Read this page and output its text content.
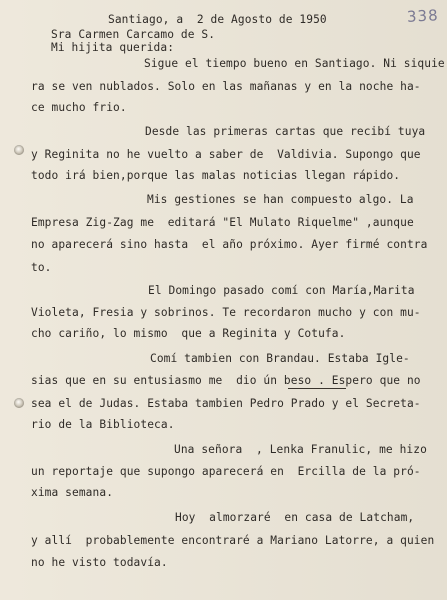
338
Santiago, a  2 de Agosto de 1950
Sra Carmen Carcamo de S.
Mi hijita querida:
Sigue el tiempo bueno en Santiago. Ni siquie
ra se ven nublados. Solo en las mañanas y en la noche ha-
ce mucho frio.
Desde las primeras cartas que recibí tuya
y Reginita no he vuelto a saber de  Valdivia. Supongo que
todo irá bien,porque las malas noticias llegan rápido.
Mis gestiones se han compuesto algo. La
Empresa Zig-Zag me  editará "El Mulato Riquelme" ,aunque
no aparecerá sino hasta  el año próximo. Ayer firmé contra
to.
El Domingo pasado comí con María,Marita
Violeta, Fresia y sobrinos. Te recordaron mucho y con mu-
cho cariño, lo mismo  que a Reginita y Cotufa.
Comí tambien con Brandau. Estaba Igle-
sias que en su entusiasmo me  dio ún beso . Espero que no
sea el de Judas. Estaba tambien Pedro Prado y el Secreta-
rio de la Biblioteca.
Una señora  , Lenka Franulic, me hizo
un reportaje que supongo aparecerá en  Ercilla de la pró-
xima semana.
Hoy  almorzaré  en casa de Latcham,
y allí  probablemente encontraré a Mariano Latorre, a quien
no he visto todavía.
